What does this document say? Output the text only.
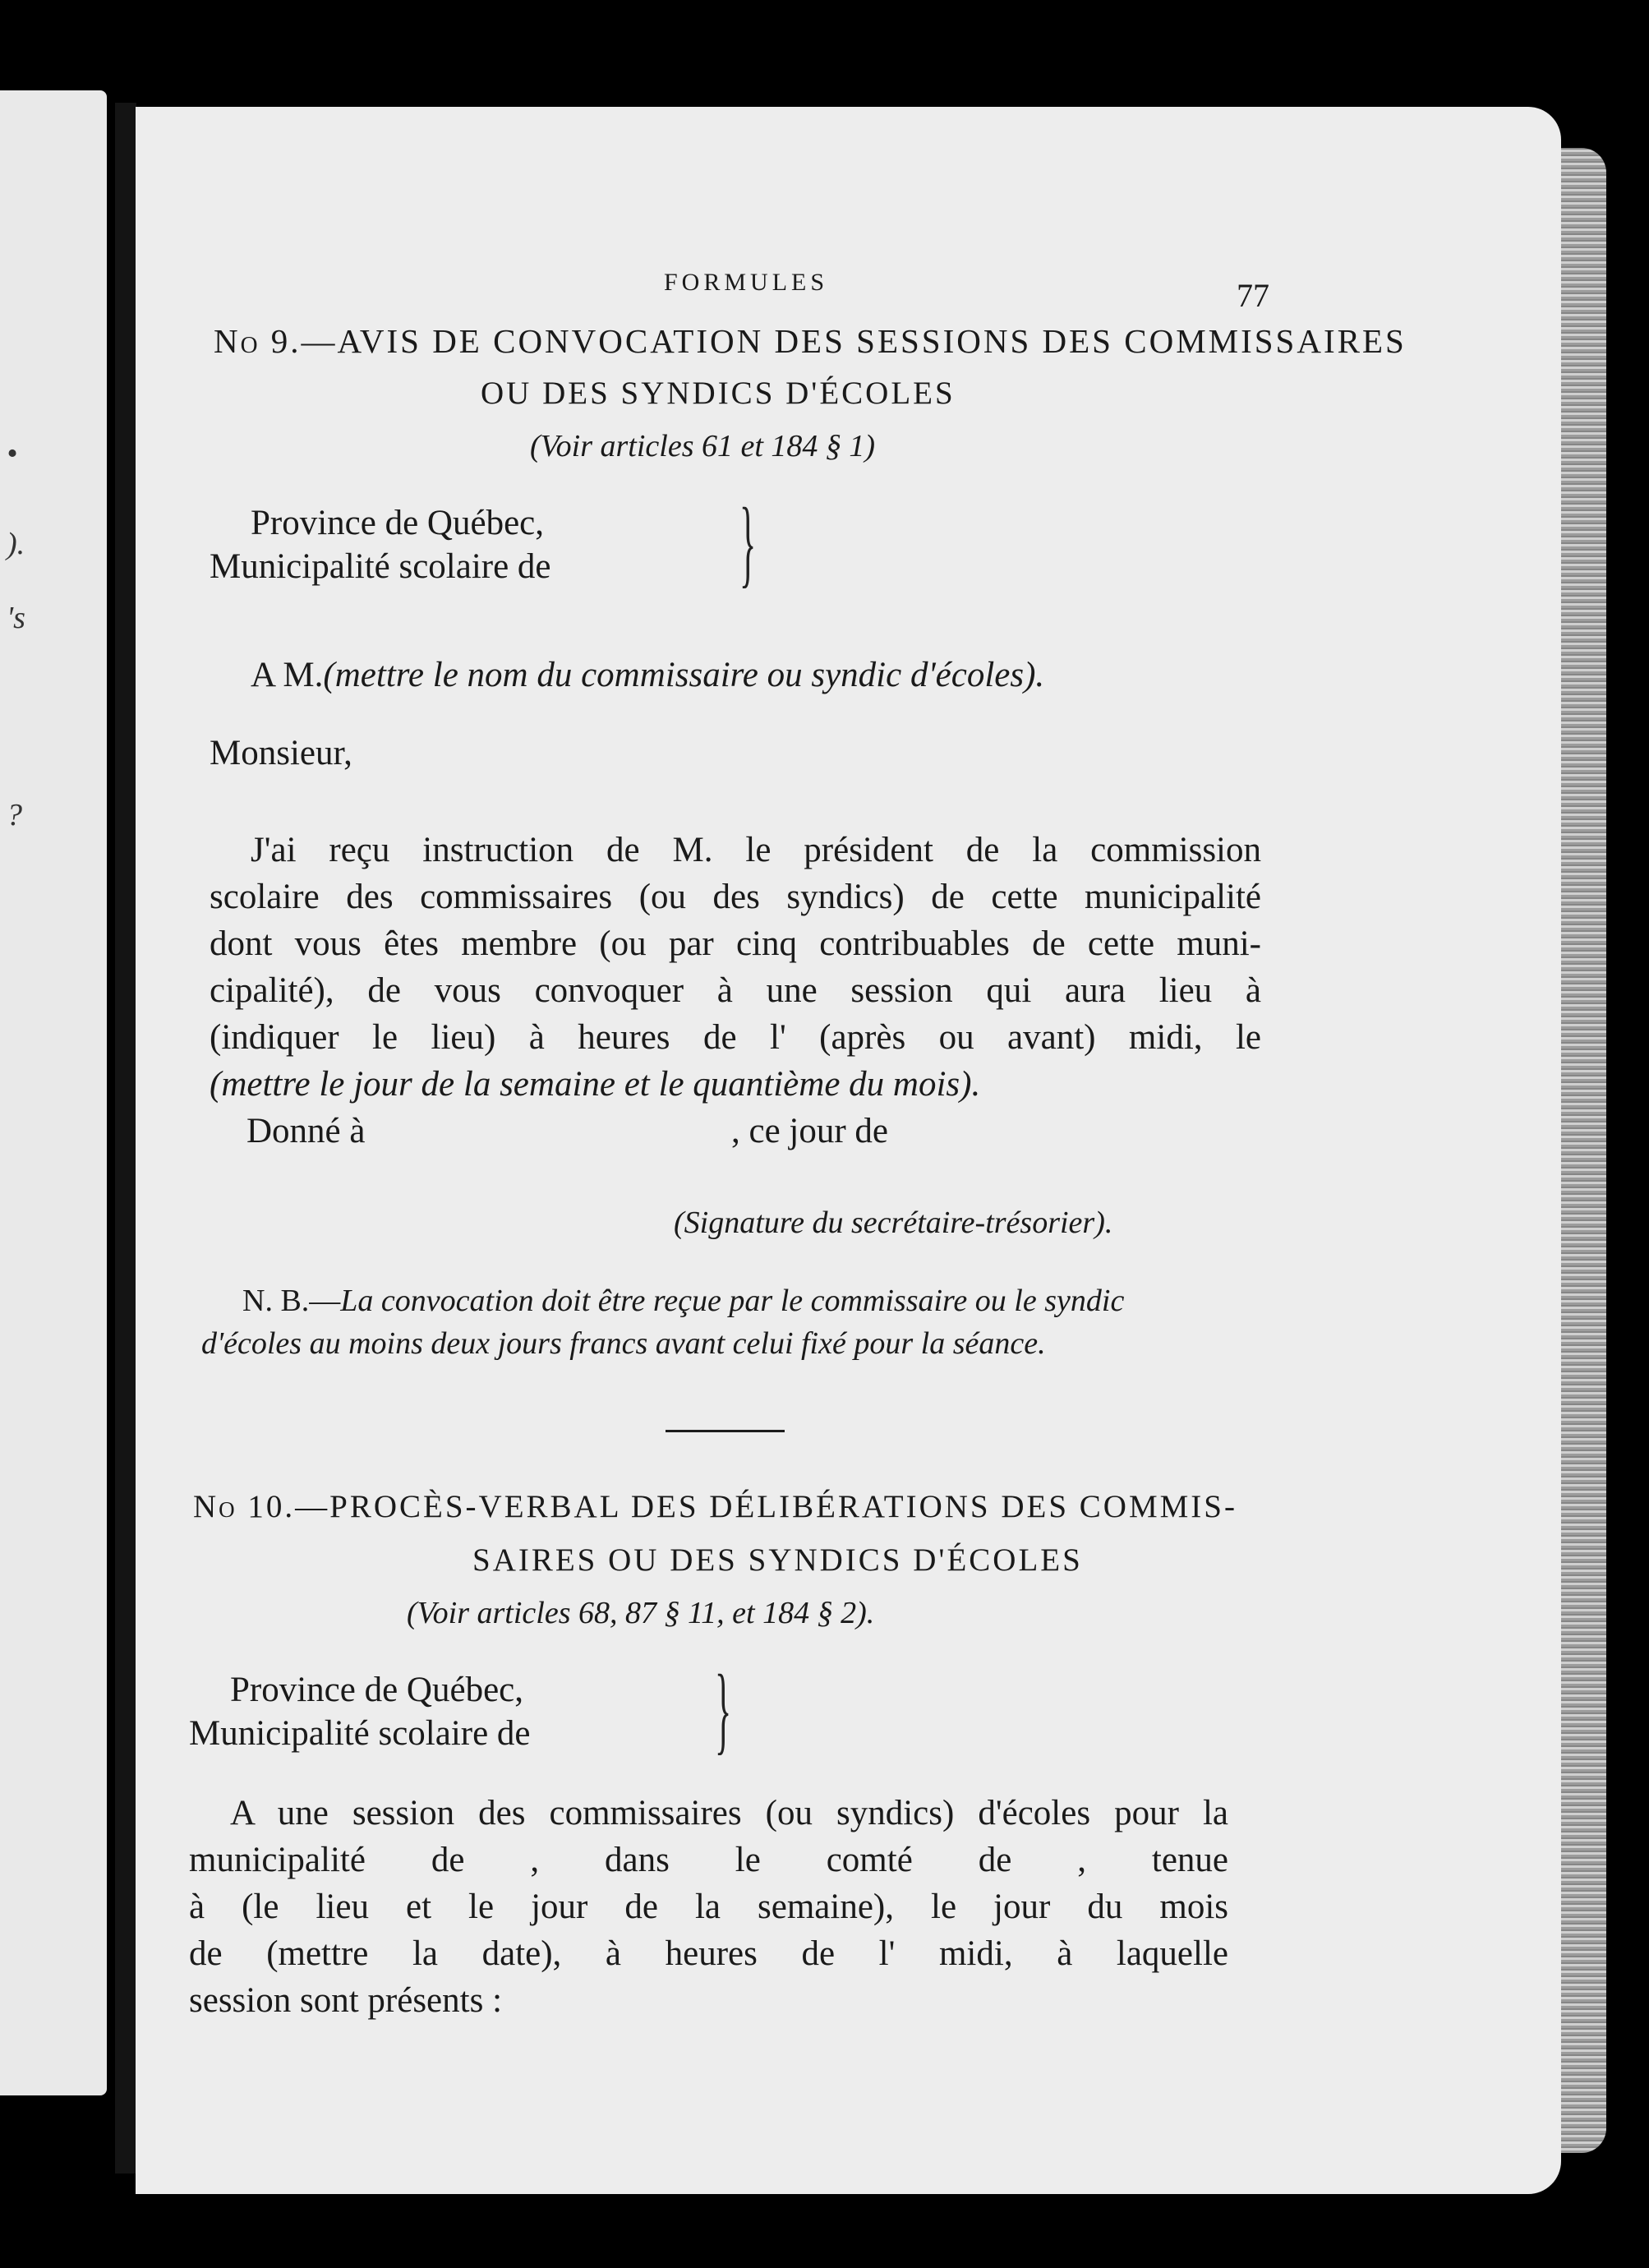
•
).
's
?
FORMULES	77
No 9.—AVIS DE CONVOCATION DES SESSIONS DES COMMISSAIRES
OU DES SYNDICS D'ÉCOLES
(Voir articles 61 et 184 § 1)
Province de Québec,
Municipalité scolaire de }
A M.(mettre le nom du commissaire ou syndic d'écoles).
Monsieur,
J'ai reçu instruction de M. le président de la commission
scolaire des commissaires (ou des syndics) de cette municipalité
dont vous êtes membre (ou par cinq contribuables de cette muni-
cipalité), de vous convoquer à une session qui aura lieu à
(indiquer le lieu) à heures de l' (après ou avant) midi, le
(mettre le jour de la semaine et le quantième du mois).
Donné à	, ce jour de
(Signature du secrétaire-trésorier).
N. B.—La convocation doit être reçue par le commissaire ou le syndic
d'écoles au moins deux jours francs avant celui fixé pour la séance.
No 10.—PROCÈS-VERBAL DES DÉLIBÉRATIONS DES COMMIS-
SAIRES OU DES SYNDICS D'ÉCOLES
(Voir articles 68, 87 § 11, et 184 § 2).
Province de Québec,
Municipalité scolaire de }
A une session des commissaires (ou syndics) d'écoles pour la
municipalité de , dans le comté de , tenue
à (le lieu et le jour de la semaine), le jour du mois
de (mettre la date), à heures de l' midi, à laquelle
session sont présents :
